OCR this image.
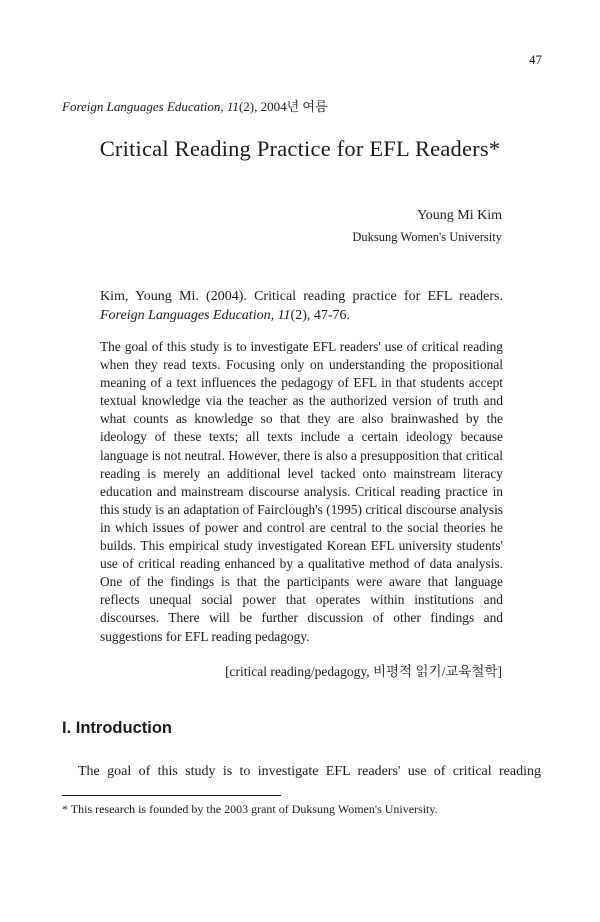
47
Foreign Languages Education, 11(2), 2004년 여름
Critical Reading Practice for EFL Readers*
Young Mi Kim
Duksung Women's University
Kim, Young Mi. (2004). Critical reading practice for EFL readers. Foreign Languages Education, 11(2), 47-76.

The goal of this study is to investigate EFL readers' use of critical reading when they read texts. Focusing only on understanding the propositional meaning of a text influences the pedagogy of EFL in that students accept textual knowledge via the teacher as the authorized version of truth and what counts as knowledge so that they are also brainwashed by the ideology of these texts; all texts include a certain ideology because language is not neutral. However, there is also a presupposition that critical reading is merely an additional level tacked onto mainstream literacy education and mainstream discourse analysis. Critical reading practice in this study is an adaptation of Fairclough's (1995) critical discourse analysis in which issues of power and control are central to the social theories he builds. This empirical study investigated Korean EFL university students' use of critical reading enhanced by a qualitative method of data analysis. One of the findings is that the participants were aware that language reflects unequal social power that operates within institutions and discourses. There will be further discussion of other findings and suggestions for EFL reading pedagogy.

[critical reading/pedagogy, 비평적 읽기/교육철학]
I. Introduction

The goal of this study is to investigate EFL readers' use of critical reading

* This research is founded by the 2003 grant of Duksung Women's University.
